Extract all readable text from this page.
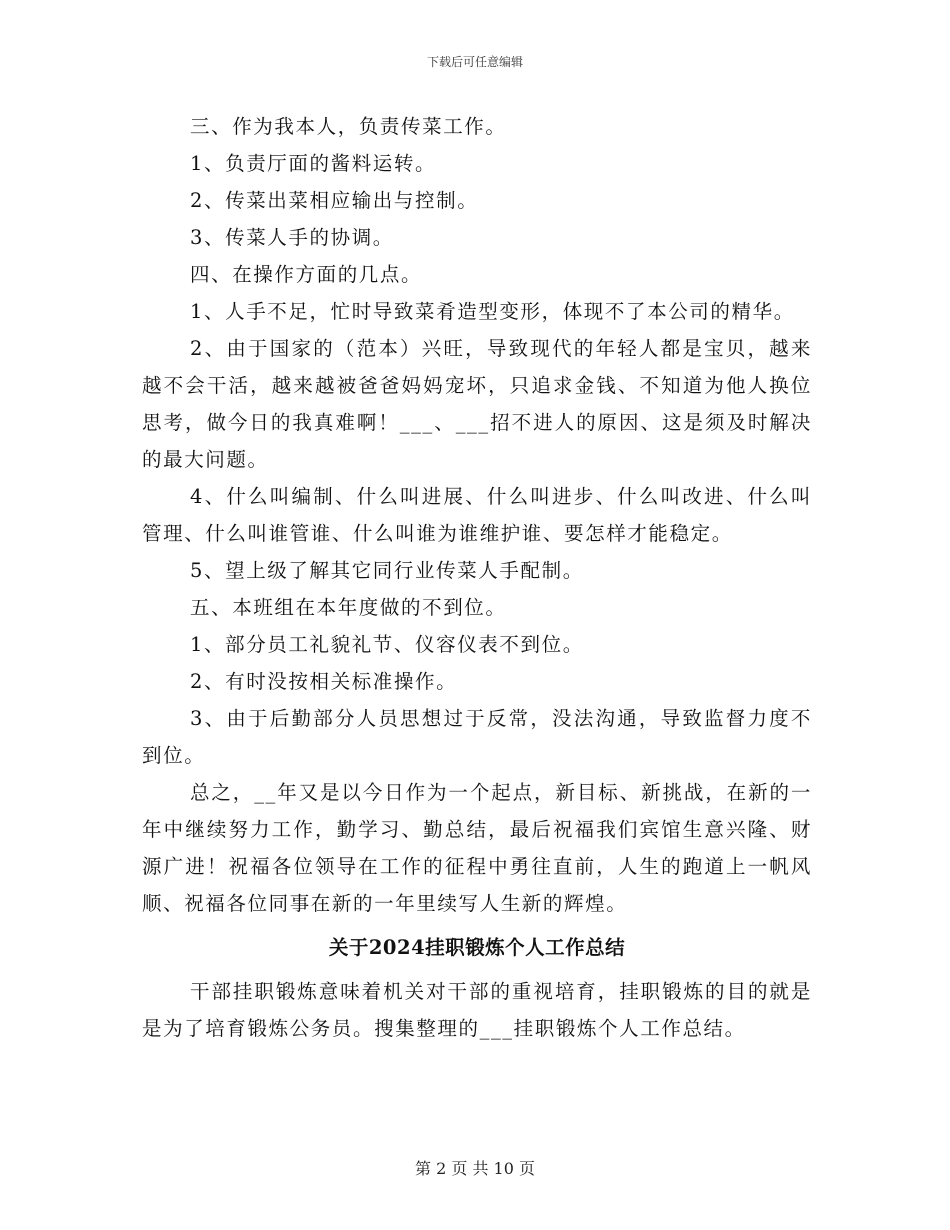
下载后可任意编辑

三、作为我本人，负责传菜工作。

1、负责厅面的酱料运转。

2、传菜出菜相应输出与控制。

3、传菜人手的协调。

四、在操作方面的几点。

1、人手不足，忙时导致菜肴造型变形，体现不了本公司的精华。

2、由于国家的（范本）兴旺，导致现代的年轻人都是宝贝，越来越不会干活，越来越被爸爸妈妈宠坏，只追求金钱、不知道为他人换位思考，做今日的我真难啊！___、___招不进人的原因、这是须及时解决的最大问题。

4、什么叫编制、什么叫进展、什么叫进步、什么叫改进、什么叫管理、什么叫谁管谁、什么叫谁为谁维护谁、要怎样才能稳定。

5、望上级了解其它同行业传菜人手配制。

五、本班组在本年度做的不到位。

1、部分员工礼貌礼节、仪容仪表不到位。

2、有时没按相关标准操作。

3、由于后勤部分人员思想过于反常，没法沟通，导致监督力度不到位。

总之，__年又是以今日作为一个起点，新目标、新挑战，在新的一年中继续努力工作，勤学习、勤总结，最后祝福我们宾馆生意兴隆、财源广进！祝福各位领导在工作的征程中勇往直前，人生的跑道上一帆风顺、祝福各位同事在新的一年里续写人生新的辉煌。

关于2024挂职锻炼个人工作总结

干部挂职锻炼意味着机关对干部的重视培育，挂职锻炼的目的就是是为了培育锻炼公务员。搜集整理的___挂职锻炼个人工作总结。

第 2 页 共 10 页
